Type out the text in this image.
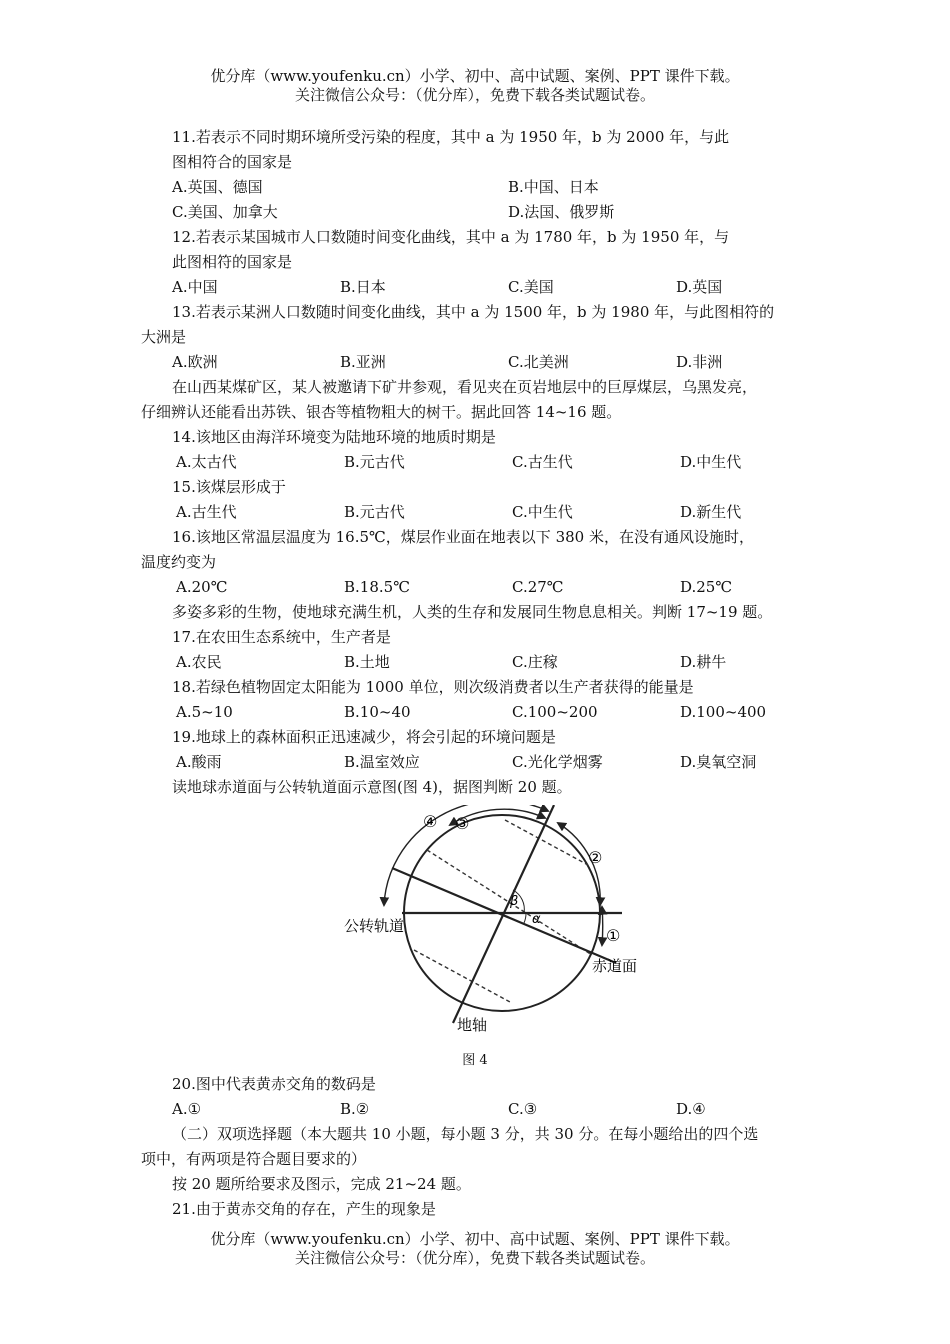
优分库（www.youfenku.cn）小学、初中、高中试题、案例、PPT 课件下载。
关注微信公众号：（优分库），免费下载各类试题试卷。
11.若表示不同时期环境所受污染的程度，其中 a 为 1950 年，b 为 2000 年，与此
图相符合的国家是
A.英国、德国	B.中国、日本
C.美国、加拿大	D.法国、俄罗斯
12.若表示某国城市人口数随时间变化曲线，其中 a 为 1780 年，b 为 1950 年，与
此图相符的国家是
A.中国	B.日本	C.美国	D.英国
13.若表示某洲人口数随时间变化曲线，其中 a 为 1500 年，b 为 1980 年，与此图相符的
大洲是
A.欧洲	B.亚洲	C.北美洲	D.非洲
在山西某煤矿区，某人被邀请下矿井参观，看见夹在页岩地层中的巨厚煤层，乌黑发亮，
仔细辨认还能看出苏铁、银杏等植物粗大的树干。据此回答 14~16 题。
14.该地区由海洋环境变为陆地环境的地质时期是
A.太古代	B.元古代	C.古生代	D.中生代
15.该煤层形成于
A.古生代	B.元古代	C.中生代	D.新生代
16.该地区常温层温度为 16.5℃，煤层作业面在地表以下 380 米，在没有通风设施时，
温度约变为
A.20℃	B.18.5℃	C.27℃	D.25℃
多姿多彩的生物，使地球充满生机，人类的生存和发展同生物息息相关。判断 17~19 题。
17.在农田生态系统中，生产者是
A.农民	B.土地	C.庄稼	D.耕牛
18.若绿色植物固定太阳能为 1000 单位，则次级消费者以生产者获得的能量是
A.5~10	B.10~40	C.100~200	D.100~400
19.地球上的森林面积正迅速减少，将会引起的环境问题是
A.酸雨	B.温室效应	C.光化学烟雾	D.臭氧空洞
读地球赤道面与公转轨道面示意图(图 4)，据图判断 20 题。
④ ③
②
①
β
α
公转轨道
赤道面
地轴
图 4
20.图中代表黄赤交角的数码是
A.①	B.②	C.③	D.④
（二）双项选择题（本大题共 10 小题，每小题 3 分，共 30 分。在每小题给出的四个选
项中，有两项是符合题目要求的）
按 20 题所给要求及图示，完成 21~24 题。
21.由于黄赤交角的存在，产生的现象是
优分库（www.youfenku.cn）小学、初中、高中试题、案例、PPT 课件下载。
关注微信公众号：（优分库），免费下载各类试题试卷。
